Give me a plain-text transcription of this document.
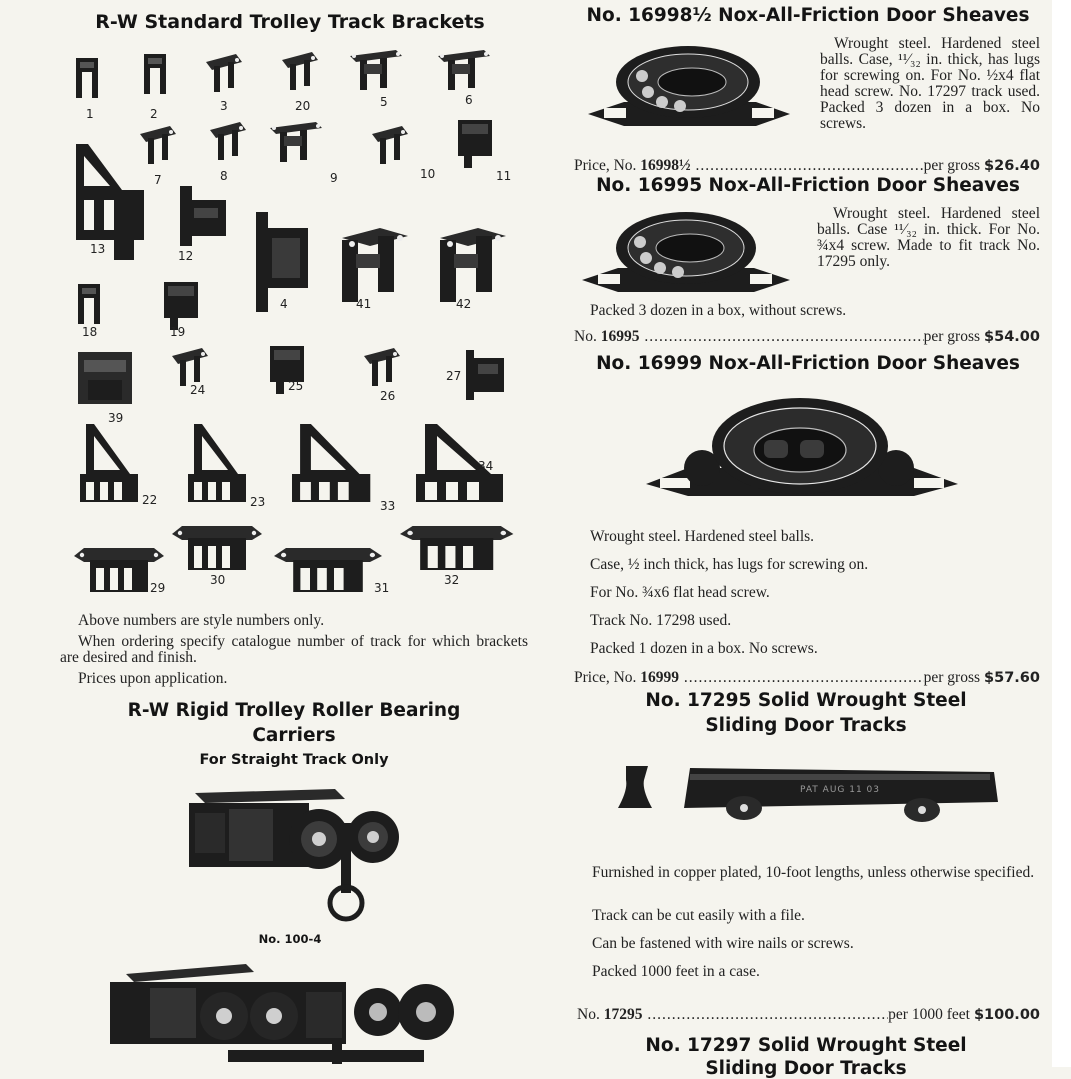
R-W Standard Trolley Track Brackets
1	2
3	20	5	6
7	8	9	10	11
13	12
4	41	42
18	19
39
24	25
26
27
22	23	33
34
29
30
31
32
Above numbers are style numbers only.
When ordering specify catalogue number of track for which brackets are desired and finish.
Prices upon application.
R-W Rigid Trolley Roller Bearing
Carriers
For Straight Track Only
No. 100-4
No. 16998½ Nox-All-Friction Door Sheaves
Wrought steel. Hardened steel balls. Case, ¹¹⁄₃₂ in. thick, has lugs for screwing on. For No. ½x4 flat head screw. No. 17297 track used. Packed 3 dozen in a box. No screws.
Price, No. 16998½ .....	per gross $26.40
No. 16995 Nox-All-Friction Door Sheaves
Wrought steel. Hardened steel balls. Case ¹¹⁄₃₂ in. thick. For No. ¾x4 screw. Made to fit track No. 17295 only.
Packed 3 dozen in a box, without screws.
No. 16995 .....	per gross $54.00
No. 16999 Nox-All-Friction Door Sheaves
Wrought steel. Hardened steel balls.
Case, ½ inch thick, has lugs for screwing on.
For No. ¾x6 flat head screw.
Track No. 17298 used.
Packed 1 dozen in a box. No screws.
Price, No. 16999 .....	per gross $57.60
No. 17295 Solid Wrought Steel
Sliding Door Tracks
PAT AUG 11 03
Furnished in copper plated, 10-foot lengths, unless otherwise specified.
Track can be cut easily with a file.
Can be fastened with wire nails or screws.
Packed 1000 feet in a case.
No. 17295 .....	per 1000 feet $100.00
No. 17297 Solid Wrought Steel
Sliding Door Tracks
